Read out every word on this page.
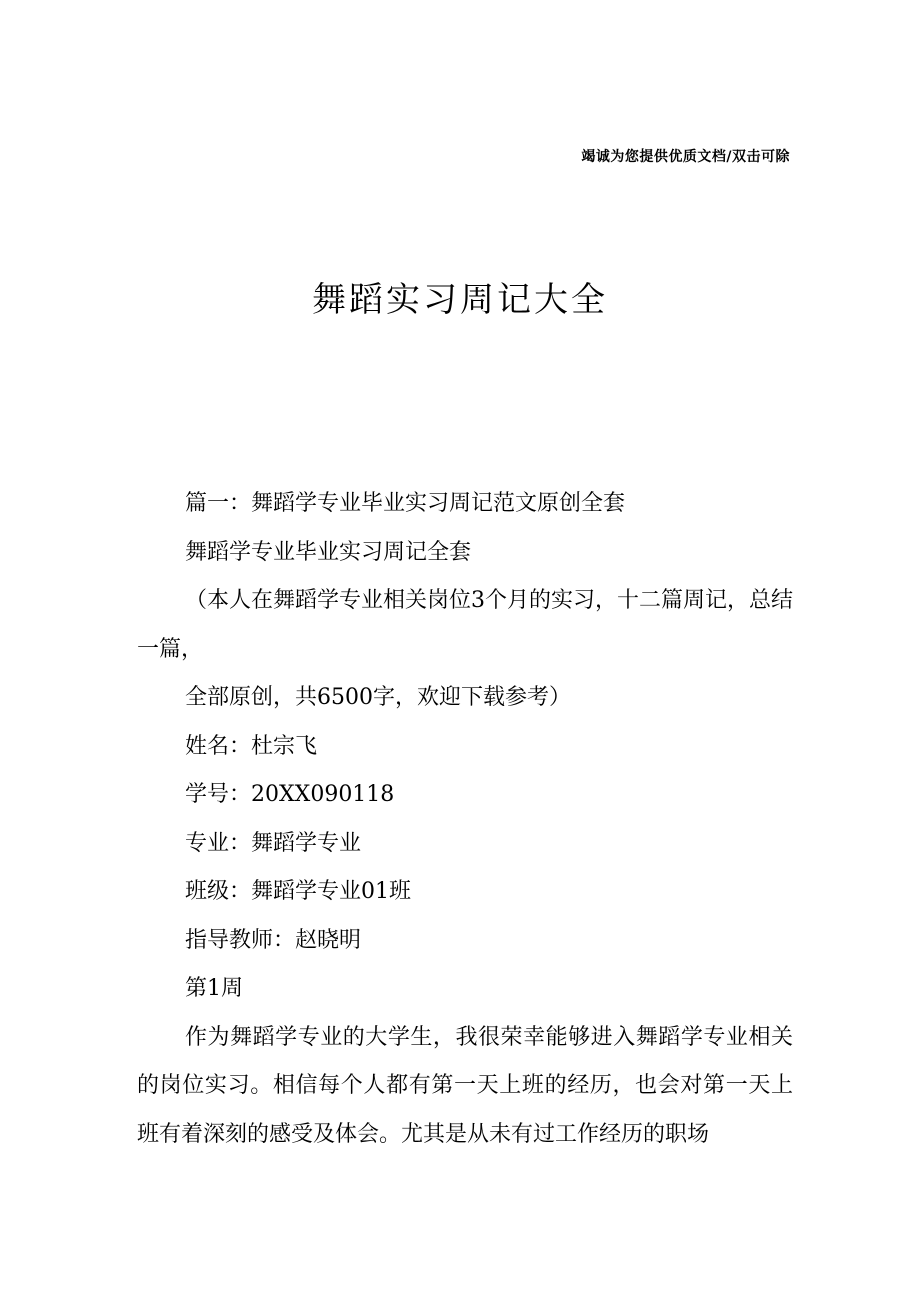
竭诚为您提供优质文档/双击可除
舞蹈实习周记大全

篇一：舞蹈学专业毕业实习周记范文原创全套

舞蹈学专业毕业实习周记全套

（本人在舞蹈学专业相关岗位3个月的实习，十二篇周记，总结一篇，

全部原创，共6500字，欢迎下载参考）

姓名：杜宗飞

学号：20XX090118

专业：舞蹈学专业

班级：舞蹈学专业01班

指导教师：赵晓明

第1周

作为舞蹈学专业的大学生，我很荣幸能够进入舞蹈学专业相关的岗位实习。相信每个人都有第一天上班的经历，也会对第一天上班有着深刻的感受及体会。尤其是从未有过工作经历的职场
